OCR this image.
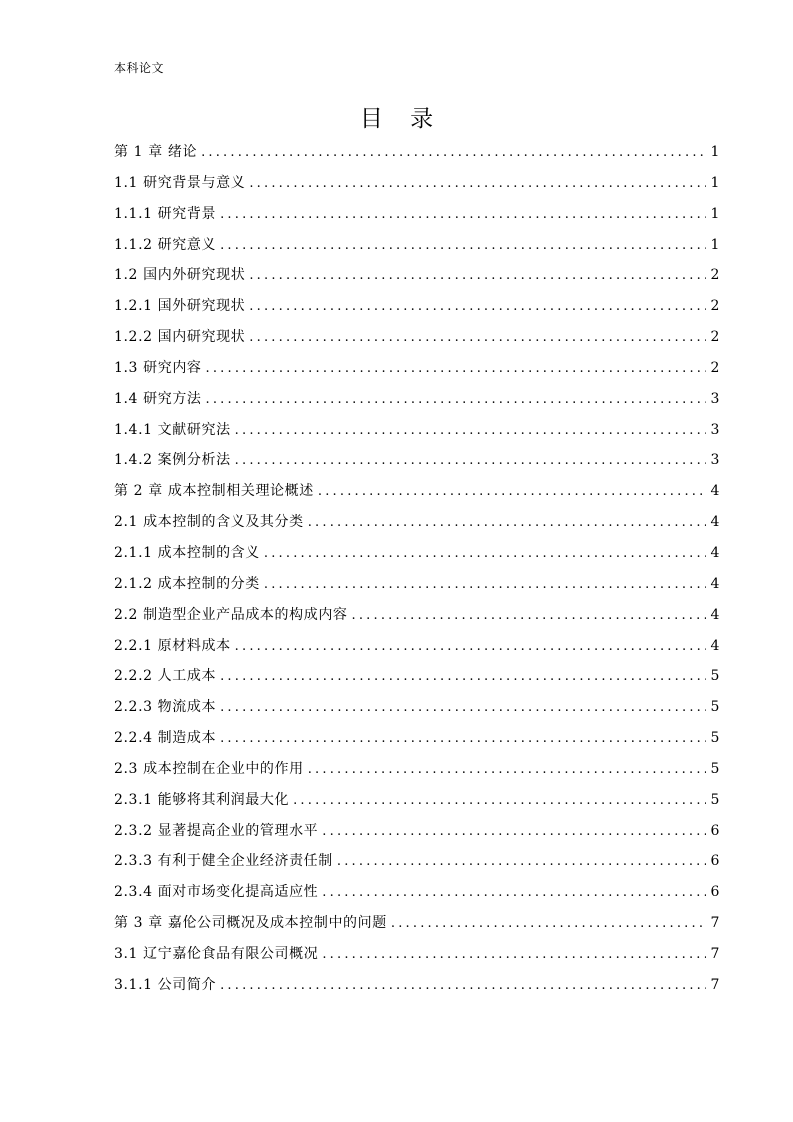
本科论文
目 录
第 1 章 绪论 .....	1
1.1 研究背景与意义 .....	1
1.1.1 研究背景 .....	1
1.1.2 研究意义 .....	1
1.2 国内外研究现状 .....	2
1.2.1 国外研究现状 .....	2
1.2.2 国内研究现状 .....	2
1.3 研究内容 .....	2
1.4 研究方法 .....	3
1.4.1 文献研究法 .....	3
1.4.2 案例分析法 .....	3
第 2 章 成本控制相关理论概述 .....	4
2.1 成本控制的含义及其分类 .....	4
2.1.1 成本控制的含义 .....	4
2.1.2 成本控制的分类 .....	4
2.2 制造型企业产品成本的构成内容 .....	4
2.2.1 原材料成本 .....	4
2.2.2 人工成本 .....	5
2.2.3 物流成本 .....	5
2.2.4 制造成本 .....	5
2.3 成本控制在企业中的作用 .....	5
2.3.1 能够将其利润最大化 .....	5
2.3.2 显著提高企业的管理水平 .....	6
2.3.3 有利于健全企业经济责任制 .....	6
2.3.4 面对市场变化提高适应性 .....	6
第 3 章 嘉伦公司概况及成本控制中的问题 .....	7
3.1 辽宁嘉伦食品有限公司概况 .....	7
3.1.1 公司简介 .....	7
